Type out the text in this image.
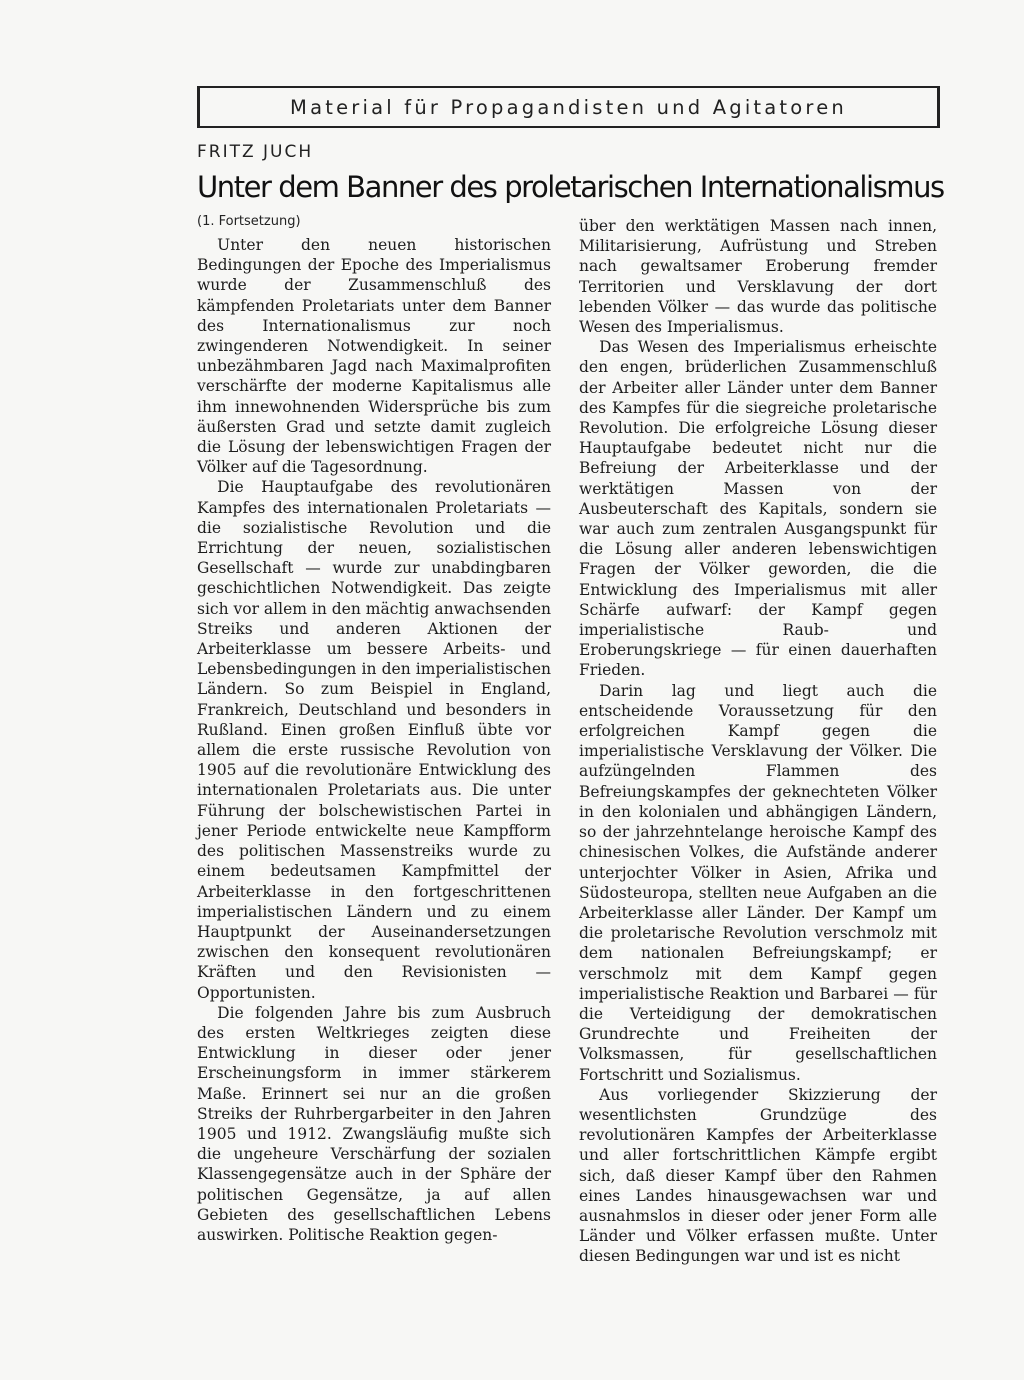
Material für Propagandisten und Agitatoren
FRITZ JUCH
Unter dem Banner des proletarischen Internationalismus
(1. Fortsetzung)

Unter den neuen historischen Bedingungen der Epoche des Imperialismus wurde der Zusammenschluß des kämpfenden Proletariats unter dem Banner des Internationalismus zur noch zwingenderen Notwendigkeit. In seiner unbezähmbaren Jagd nach Maximalprofiten verschärfte der moderne Kapitalismus alle ihm innewohnenden Widersprüche bis zum äußersten Grad und setzte damit zugleich die Lösung der lebenswichtigen Fragen der Völker auf die Tagesordnung.

Die Hauptaufgabe des revolutionären Kampfes des internationalen Proletariats — die sozialistische Revolution und die Errichtung der neuen, sozialistischen Gesellschaft — wurde zur unabdingbaren geschichtlichen Notwendigkeit. Das zeigte sich vor allem in den mächtig anwachsenden Streiks und anderen Aktionen der Arbeiterklasse um bessere Arbeits- und Lebensbedingungen in den imperialistischen Ländern. So zum Beispiel in England, Frankreich, Deutschland und besonders in Rußland. Einen großen Einfluß übte vor allem die erste russische Revolution von 1905 auf die revolutionäre Entwicklung des internationalen Proletariats aus. Die unter Führung der bolschewistischen Partei in jener Periode entwickelte neue Kampfform des politischen Massenstreiks wurde zu einem bedeutsamen Kampfmittel der Arbeiterklasse in den fortgeschrittenen imperialistischen Ländern und zu einem Hauptpunkt der Auseinandersetzungen zwischen den konsequent revolutionären Kräften und den Revisionisten — Opportunisten.

Die folgenden Jahre bis zum Ausbruch des ersten Weltkrieges zeigten diese Entwicklung in dieser oder jener Erscheinungsform in immer stärkerem Maße. Erinnert sei nur an die großen Streiks der Ruhrbergarbeiter in den Jahren 1905 und 1912. Zwangsläufig mußte sich die ungeheure Verschärfung der sozialen Klassengegensätze auch in der Sphäre der politischen Gegensätze, ja auf allen Gebieten des gesellschaftlichen Lebens auswirken. Politische Reaktion gegen-

über den werktätigen Massen nach innen, Militarisierung, Aufrüstung und Streben nach gewaltsamer Eroberung fremder Territorien und Versklavung der dort lebenden Völker — das wurde das politische Wesen des Imperialismus.

Das Wesen des Imperialismus erheischte den engen, brüderlichen Zusammenschluß der Arbeiter aller Länder unter dem Banner des Kampfes für die siegreiche proletarische Revolution. Die erfolgreiche Lösung dieser Hauptaufgabe bedeutet nicht nur die Befreiung der Arbeiterklasse und der werktätigen Massen von der Ausbeuterschaft des Kapitals, sondern sie war auch zum zentralen Ausgangspunkt für die Lösung aller anderen lebenswichtigen Fragen der Völker geworden, die die Entwicklung des Imperialismus mit aller Schärfe aufwarf: der Kampf gegen imperialistische Raub- und Eroberungskriege — für einen dauerhaften Frieden.

Darin lag und liegt auch die entscheidende Voraussetzung für den erfolgreichen Kampf gegen die imperialistische Versklavung der Völker. Die aufzüngelnden Flammen des Befreiungskampfes der geknechteten Völker in den kolonialen und abhängigen Ländern, so der jahrzehntelange heroische Kampf des chinesischen Volkes, die Aufstände anderer unterjochter Völker in Asien, Afrika und Südosteuropa, stellten neue Aufgaben an die Arbeiterklasse aller Länder. Der Kampf um die proletarische Revolution verschmolz mit dem nationalen Befreiungskampf; er verschmolz mit dem Kampf gegen imperialistische Reaktion und Barbarei — für die Verteidigung der demokratischen Grundrechte und Freiheiten der Volksmassen, für gesellschaftlichen Fortschritt und Sozialismus.

Aus vorliegender Skizzierung der wesentlichsten Grundzüge des revolutionären Kampfes der Arbeiterklasse und aller fortschrittlichen Kämpfe ergibt sich, daß dieser Kampf über den Rahmen eines Landes hinausgewachsen war und ausnahmslos in dieser oder jener Form alle Länder und Völker erfassen mußte. Unter diesen Bedingungen war und ist es nicht
